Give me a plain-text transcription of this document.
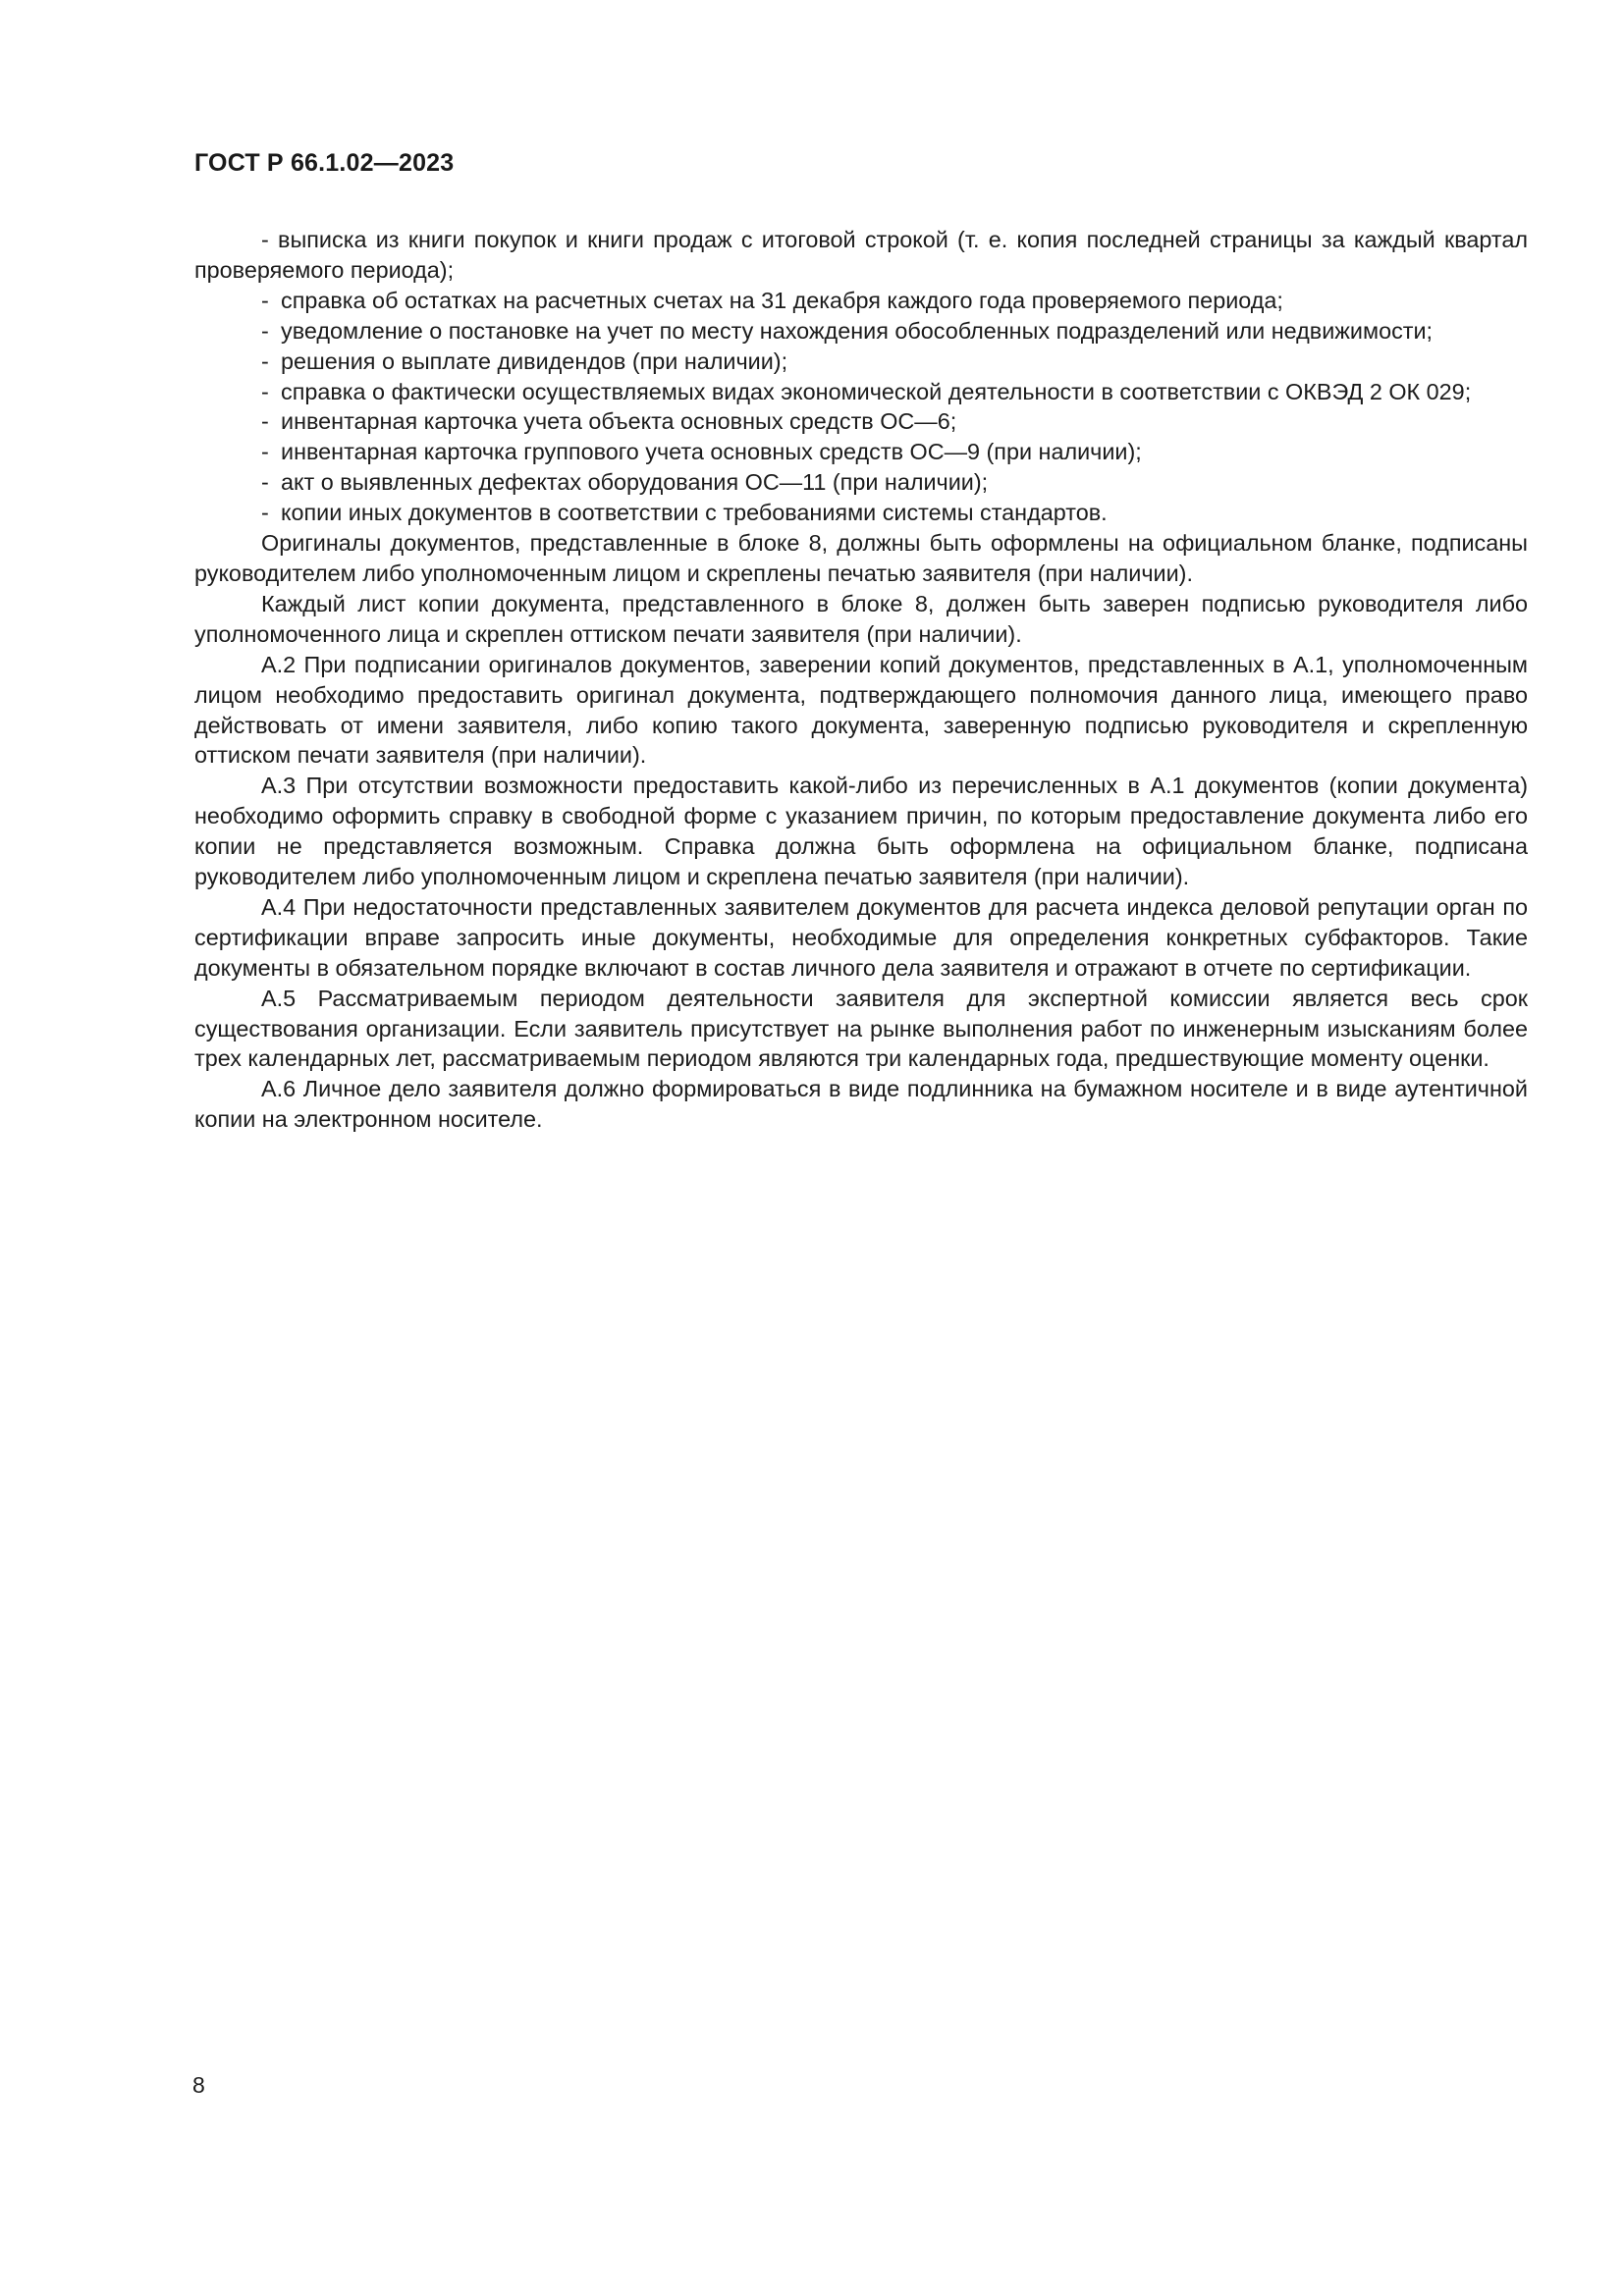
ГОСТ Р 66.1.02—2023

- выписка из книги покупок и книги продаж с итоговой строкой (т. е. копия последней страницы за каждый квартал проверяемого периода);

- справка об остатках на расчетных счетах на 31 декабря каждого года проверяемого периода;
- уведомление о постановке на учет по месту нахождения обособленных подразделений или недвижимости;
- решения о выплате дивидендов (при наличии);
- справка о фактически осуществляемых видах экономической деятельности в соответствии с ОКВЭД 2 ОК 029;
- инвентарная карточка учета объекта основных средств ОС—6;
- инвентарная карточка группового учета основных средств ОС—9 (при наличии);
- акт о выявленных дефектах оборудования ОС—11 (при наличии);
- копии иных документов в соответствии с требованиями системы стандартов.

Оригиналы документов, представленные в блоке 8, должны быть оформлены на официальном бланке, подписаны руководителем либо уполномоченным лицом и скреплены печатью заявителя (при наличии).

Каждый лист копии документа, представленного в блоке 8, должен быть заверен подписью руководителя либо уполномоченного лица и скреплен оттиском печати заявителя (при наличии).

А.2 При подписании оригиналов документов, заверении копий документов, представленных в А.1, уполномоченным лицом необходимо предоставить оригинал документа, подтверждающего полномочия данного лица, имеющего право действовать от имени заявителя, либо копию такого документа, заверенную подписью руководителя и скрепленную оттиском печати заявителя (при наличии).

А.3 При отсутствии возможности предоставить какой-либо из перечисленных в А.1 документов (копии документа) необходимо оформить справку в свободной форме с указанием причин, по которым предоставление документа либо его копии не представляется возможным. Справка должна быть оформлена на официальном бланке, подписана руководителем либо уполномоченным лицом и скреплена печатью заявителя (при наличии).

А.4 При недостаточности представленных заявителем документов для расчета индекса деловой репутации орган по сертификации вправе запросить иные документы, необходимые для определения конкретных субфакторов. Такие документы в обязательном порядке включают в состав личного дела заявителя и отражают в отчете по сертификации.

А.5 Рассматриваемым периодом деятельности заявителя для экспертной комиссии является весь срок существования организации. Если заявитель присутствует на рынке выполнения работ по инженерным изысканиям более трех календарных лет, рассматриваемым периодом являются три календарных года, предшествующие моменту оценки.

А.6 Личное дело заявителя должно формироваться в виде подлинника на бумажном носителе и в виде аутентичной копии на электронном носителе.

8
